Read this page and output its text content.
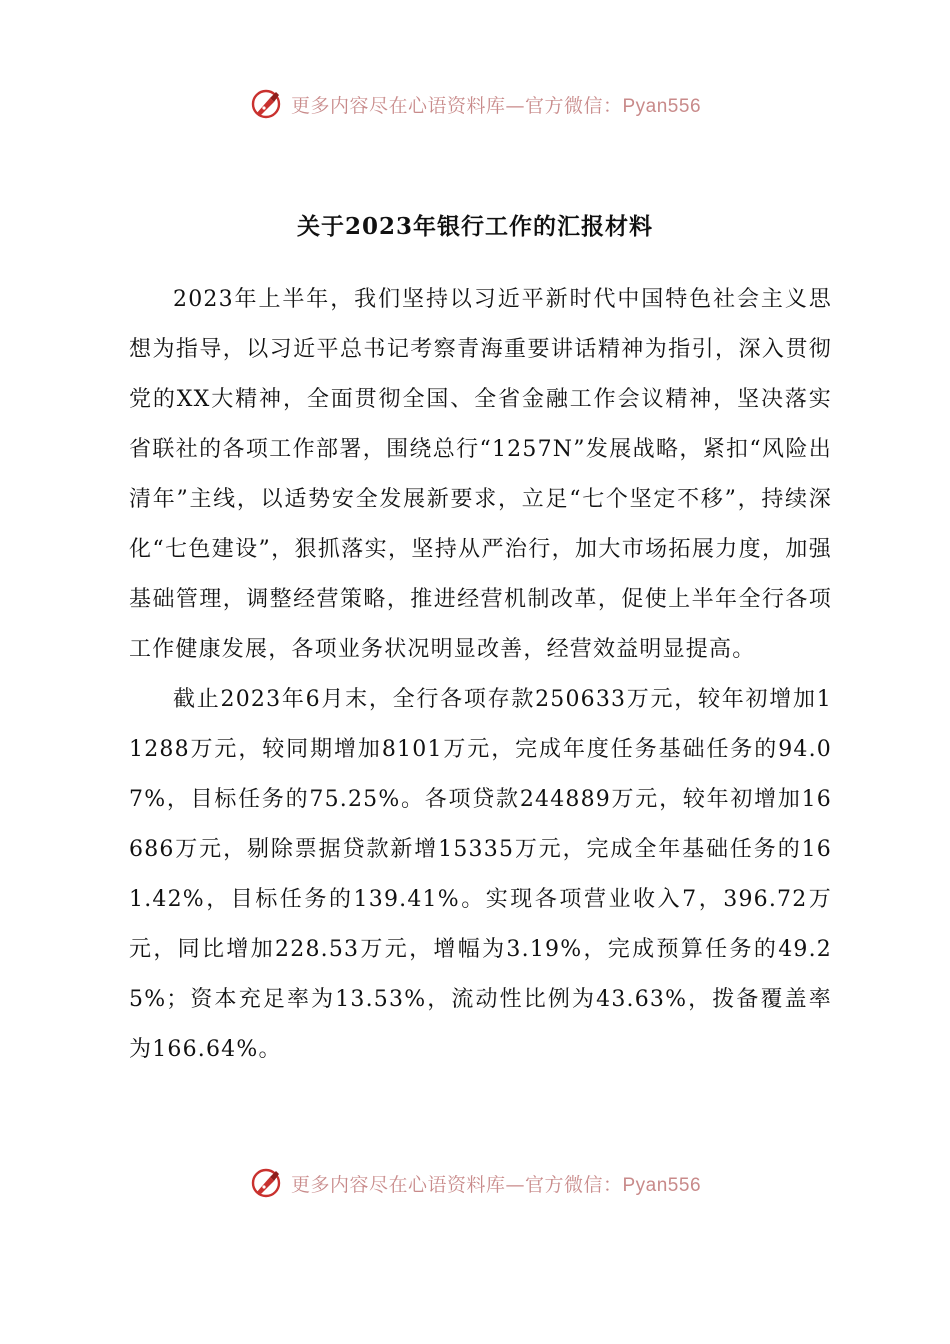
更多内容尽在心语资料库—官方微信：Pyan556
关于2023年银行工作的汇报材料

2023年上半年，我们坚持以习近平新时代中国特色社会主义思想为指导，以习近平总书记考察青海重要讲话精神为指引，深入贯彻党的XX大精神，全面贯彻全国、全省金融工作会议精神，坚决落实省联社的各项工作部署，围绕总行“1257N”发展战略，紧扣“风险出清年”主线，以适势安全发展新要求，立足“七个坚定不移”，持续深化“七色建设”，狠抓落实，坚持从严治行，加大市场拓展力度，加强基础管理，调整经营策略，推进经营机制改革，促使上半年全行各项工作健康发展，各项业务状况明显改善，经营效益明显提高。

截止2023年6月末，全行各项存款250633万元，较年初增加11288万元，较同期增加8101万元，完成年度任务基础任务的94.07%，目标任务的75.25%。各项贷款244889万元，较年初增加16686万元，剔除票据贷款新增15335万元，完成全年基础任务的161.42%，目标任务的139.41%。实现各项营业收入7，396.72万元，同比增加228.53万元，增幅为3.19%，完成预算任务的49.25%；资本充足率为13.53%，流动性比例为43.63%，拨备覆盖率为166.64%。

更多内容尽在心语资料库—官方微信：Pyan556
